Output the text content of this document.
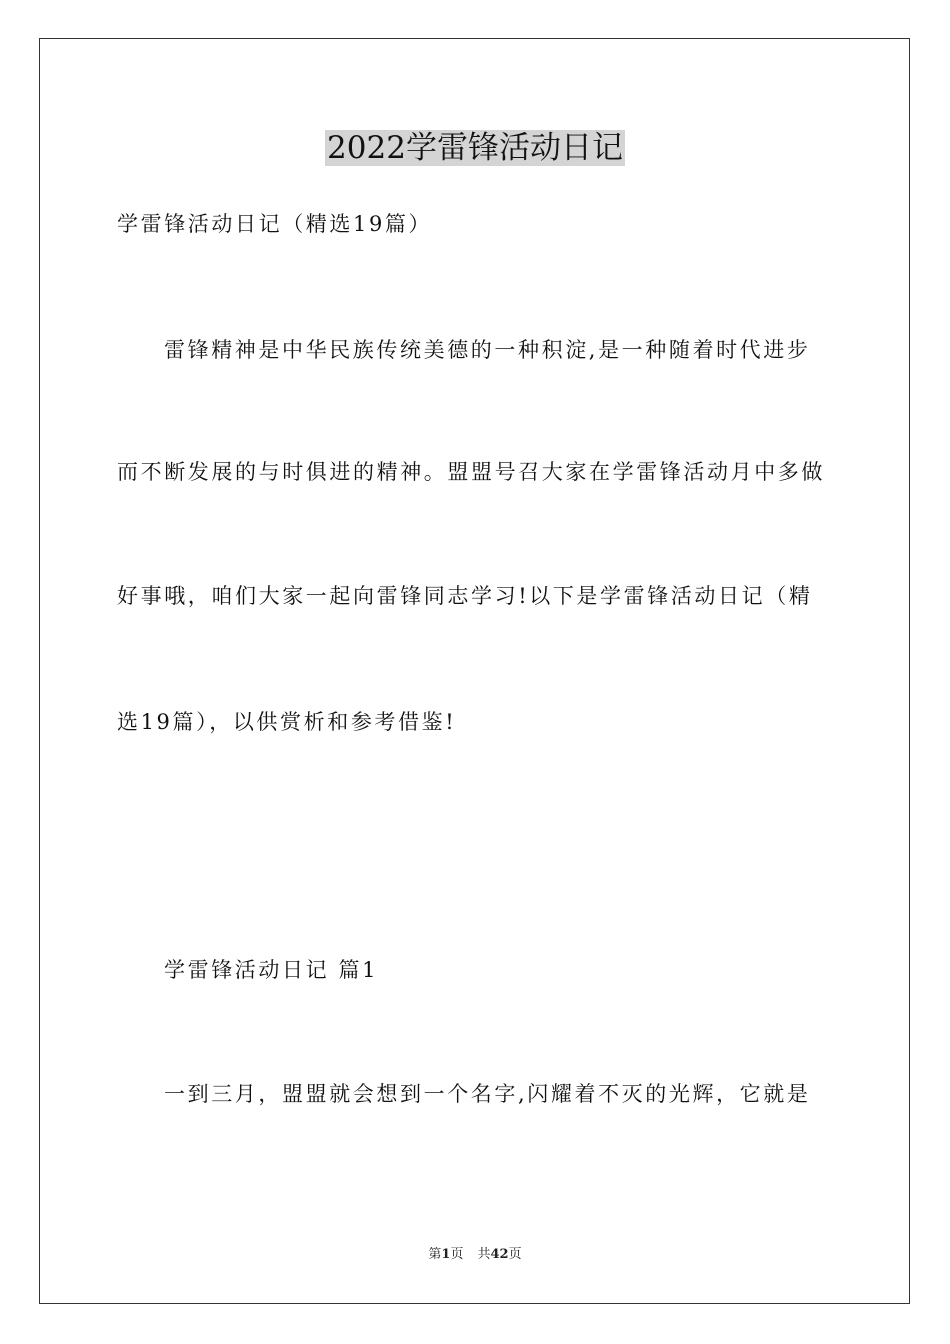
2022学雷锋活动日记

学雷锋活动日记（精选19篇）

雷锋精神是中华民族传统美德的一种积淀,是一种随着时代进步

而不断发展的与时俱进的精神。盟盟号召大家在学雷锋活动月中多做

好事哦，咱们大家一起向雷锋同志学习!以下是学雷锋活动日记（精

选19篇），以供赏析和参考借鉴!

学雷锋活动日记 篇1

一到三月，盟盟就会想到一个名字,闪耀着不灭的光辉，它就是

第1页 共42页
